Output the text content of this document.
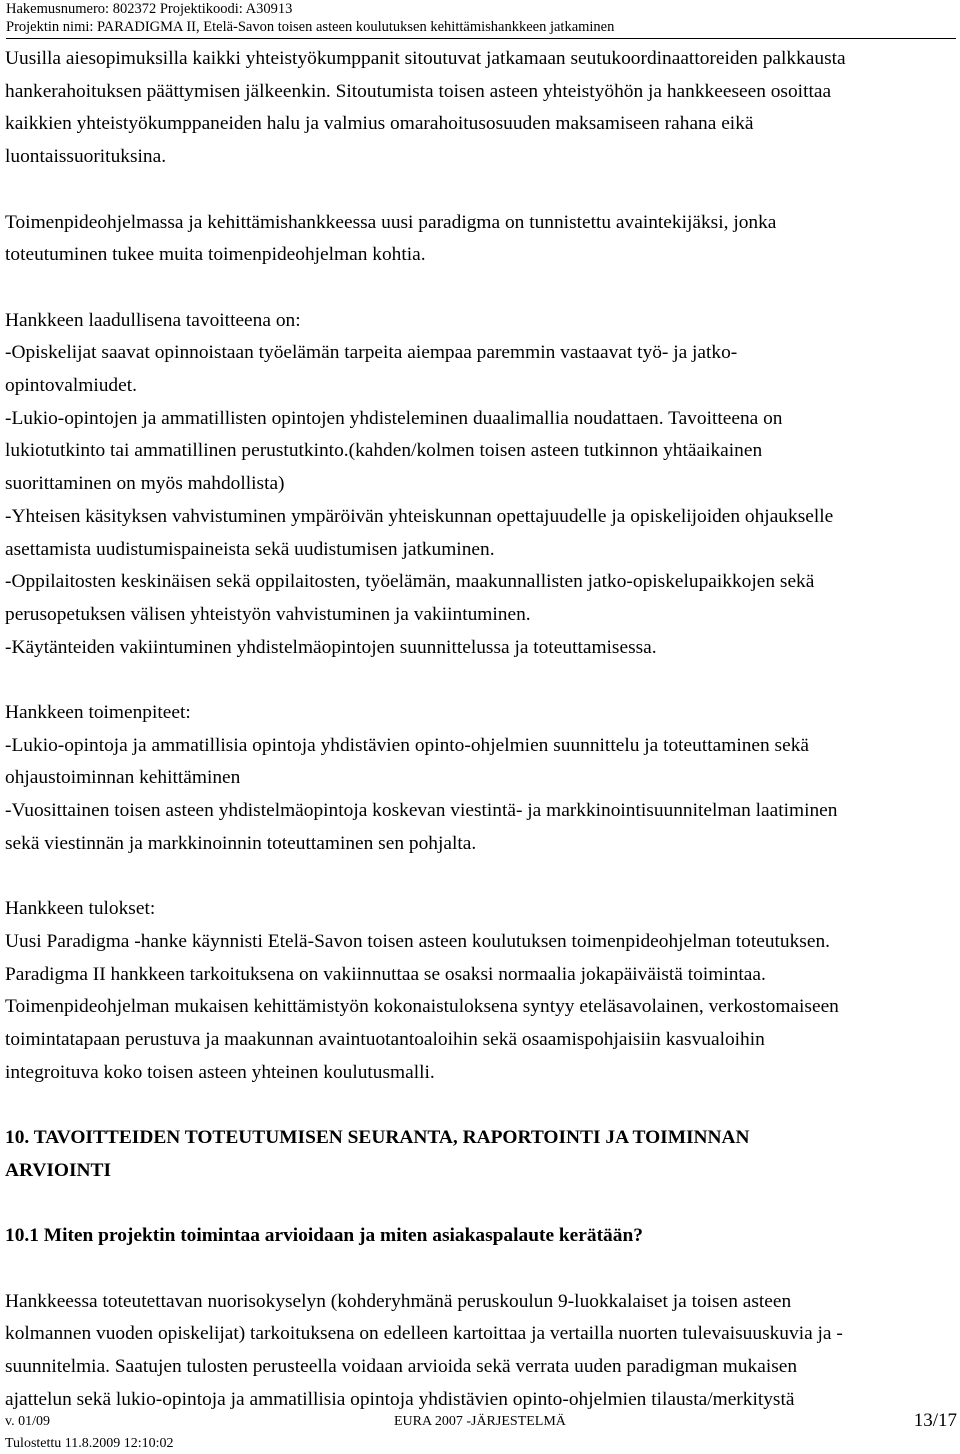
Hakemusnumero: 802372 Projektikoodi: A30913
Projektin nimi: PARADIGMA II, Etelä-Savon toisen asteen koulutuksen kehittämishankkeen jatkaminen

Uusilla aiesopimuksilla kaikki yhteistyökumppanit sitoutuvat jatkamaan seutukoordinaattoreiden palkkausta
hankerahoituksen päättymisen jälkeenkin. Sitoutumista toisen asteen yhteistyöhön ja hankkeeseen osoittaa
kaikkien yhteistyökumppaneiden halu ja valmius omarahoitusosuuden maksamiseen rahana eikä
luontaissuorituksina.

Toimenpideohjelmassa ja kehittämishankkeessa uusi paradigma on tunnistettu avaintekijäksi, jonka
toteutuminen tukee muita toimenpideohjelman kohtia.

Hankkeen laadullisena tavoitteena on:
-Opiskelijat saavat opinnoistaan työelämän tarpeita aiempaa paremmin vastaavat työ- ja jatko-
opintovalmiudet.
-Lukio-opintojen ja ammatillisten opintojen yhdisteleminen duaalimallia noudattaen. Tavoitteena on
lukiotutkinto tai ammatillinen perustutkinto.(kahden/kolmen toisen asteen tutkinnon yhtäaikainen
suorittaminen on myös mahdollista)
-Yhteisen käsityksen vahvistuminen ympäröivän yhteiskunnan opettajuudelle ja opiskelijoiden ohjaukselle
asettamista uudistumispaineista sekä uudistumisen jatkuminen.
-Oppilaitosten keskinäisen sekä oppilaitosten, työelämän, maakunnallisten jatko-opiskelupaikkojen sekä
perusopetuksen välisen yhteistyön vahvistuminen ja vakiintuminen.
-Käytänteiden vakiintuminen yhdistelmäopintojen suunnittelussa ja toteuttamisessa.

Hankkeen toimenpiteet:
-Lukio-opintoja ja ammatillisia opintoja yhdistävien opinto-ohjelmien suunnittelu ja toteuttaminen sekä
ohjaustoiminnan kehittäminen
-Vuosittainen toisen asteen yhdistelmäopintoja koskevan viestintä- ja markkinointisuunnitelman laatiminen
sekä viestinnän ja markkinoinnin toteuttaminen sen pohjalta.

Hankkeen tulokset:
Uusi Paradigma -hanke käynnisti Etelä-Savon toisen asteen koulutuksen toimenpideohjelman toteutuksen.
Paradigma II hankkeen tarkoituksena on vakiinnuttaa se osaksi normaalia jokapäiväistä toimintaa.
Toimenpideohjelman mukaisen kehittämistyön kokonaistuloksena syntyy eteläsavolainen, verkostomaiseen
toimintatapaan perustuva ja maakunnan avaintuotantoaloihin sekä osaamispohjaisiin kasvualoihin
integroituva koko toisen asteen yhteinen koulutusmalli.

10. TAVOITTEIDEN TOTEUTUMISEN SEURANTA, RAPORTOINTI JA TOIMINNAN
ARVIOINTI

10.1 Miten projektin toimintaa arvioidaan ja miten asiakaspalaute kerätään?

Hankkeessa toteutettavan nuorisokyselyn (kohderyhmänä peruskoulun 9-luokkalaiset ja toisen asteen
kolmannen vuoden opiskelijat) tarkoituksena on edelleen kartoittaa ja vertailla nuorten tulevaisuuskuvia ja -
suunnitelmia. Saatujen tulosten perusteella voidaan arvioida sekä verrata uuden paradigman mukaisen
ajattelun sekä lukio-opintoja ja ammatillisia opintoja yhdistävien opinto-ohjelmien tilausta/merkitystä

v. 01/09	EURA 2007 -JÄRJESTELMÄ	13/17
Tulostettu 11.8.2009 12:10:02
